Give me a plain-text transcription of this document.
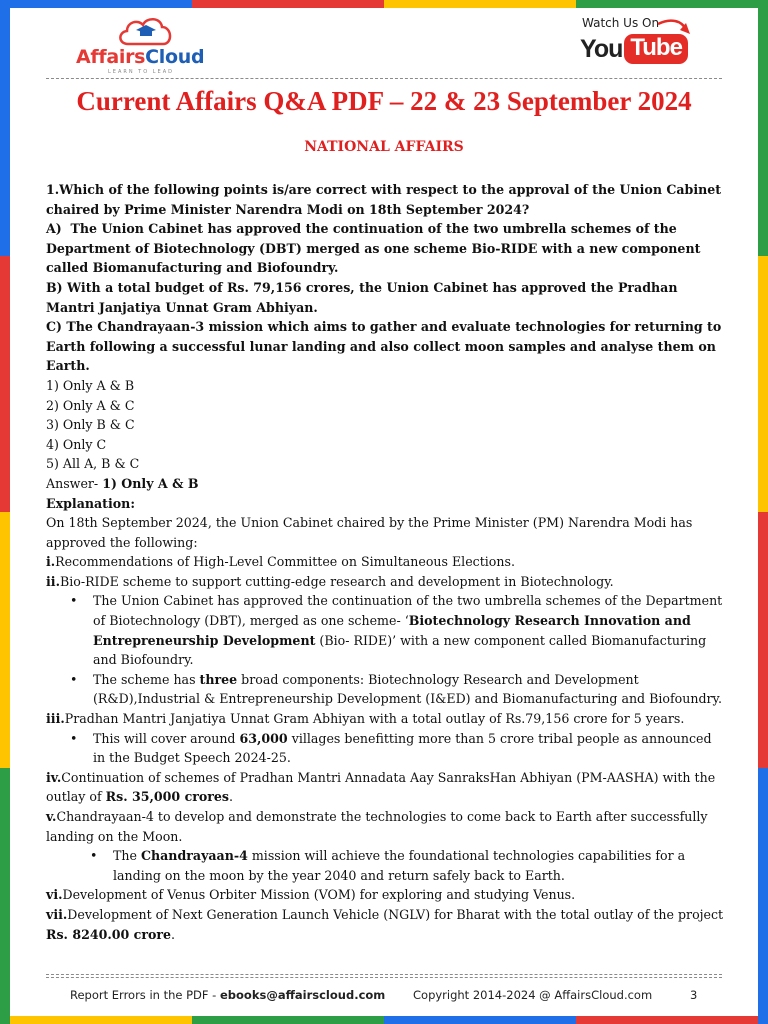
AffairsCloud
LEARN TO LEAD
Watch Us On
You Tube
Current Affairs Q&A PDF – 22 & 23 September 2024
NATIONAL AFFAIRS

1.Which of the following points is/are correct with respect to the approval of the Union Cabinet chaired by Prime Minister Narendra Modi on 18th September 2024?

A) The Union Cabinet has approved the continuation of the two umbrella schemes of the Department of Biotechnology (DBT) merged as one scheme Bio-RIDE with a new component called Biomanufacturing and Biofoundry.

B) With a total budget of Rs. 79,156 crores, the Union Cabinet has approved the Pradhan Mantri Janjatiya Unnat Gram Abhiyan.

C) The Chandrayaan-3 mission which aims to gather and evaluate technologies for returning to Earth following a successful lunar landing and also collect moon samples and analyse them on Earth.

1) Only A & B

2) Only A & C

3) Only B & C

4) Only C

5) All A, B & C

Answer- 1) Only A & B

Explanation:

On 18th September 2024, the Union Cabinet chaired by the Prime Minister (PM) Narendra Modi has approved the following:

i.Recommendations of High-Level Committee on Simultaneous Elections.

ii.Bio-RIDE scheme to support cutting-edge research and development in Biotechnology.

• The Union Cabinet has approved the continuation of the two umbrella schemes of the Department of Biotechnology (DBT), merged as one scheme- ‘Biotechnology Research Innovation and Entrepreneurship Development (Bio- RIDE)’ with a new component called Biomanufacturing and Biofoundry.

• The scheme has three broad components: Biotechnology Research and Development (R&D),Industrial & Entrepreneurship Development (I&ED) and Biomanufacturing and Biofoundry.

iii.Pradhan Mantri Janjatiya Unnat Gram Abhiyan with a total outlay of Rs.79,156 crore for 5 years.

• This will cover around 63,000 villages benefitting more than 5 crore tribal people as announced in the Budget Speech 2024-25.

iv.Continuation of schemes of Pradhan Mantri Annadata Aay SanraksHan Abhiyan (PM-AASHA) with the outlay of Rs. 35,000 crores.

v.Chandrayaan-4 to develop and demonstrate the technologies to come back to Earth after successfully landing on the Moon.

• The Chandrayaan-4 mission will achieve the foundational technologies capabilities for a landing on the moon by the year 2040 and return safely back to Earth.

vi.Development of Venus Orbiter Mission (VOM) for exploring and studying Venus.

vii.Development of Next Generation Launch Vehicle (NGLV) for Bharat with the total outlay of the project Rs. 8240.00 crore.

Report Errors in the PDF - ebooks@affairscloud.com Copyright 2014-2024 @ AffairsCloud.com	3
